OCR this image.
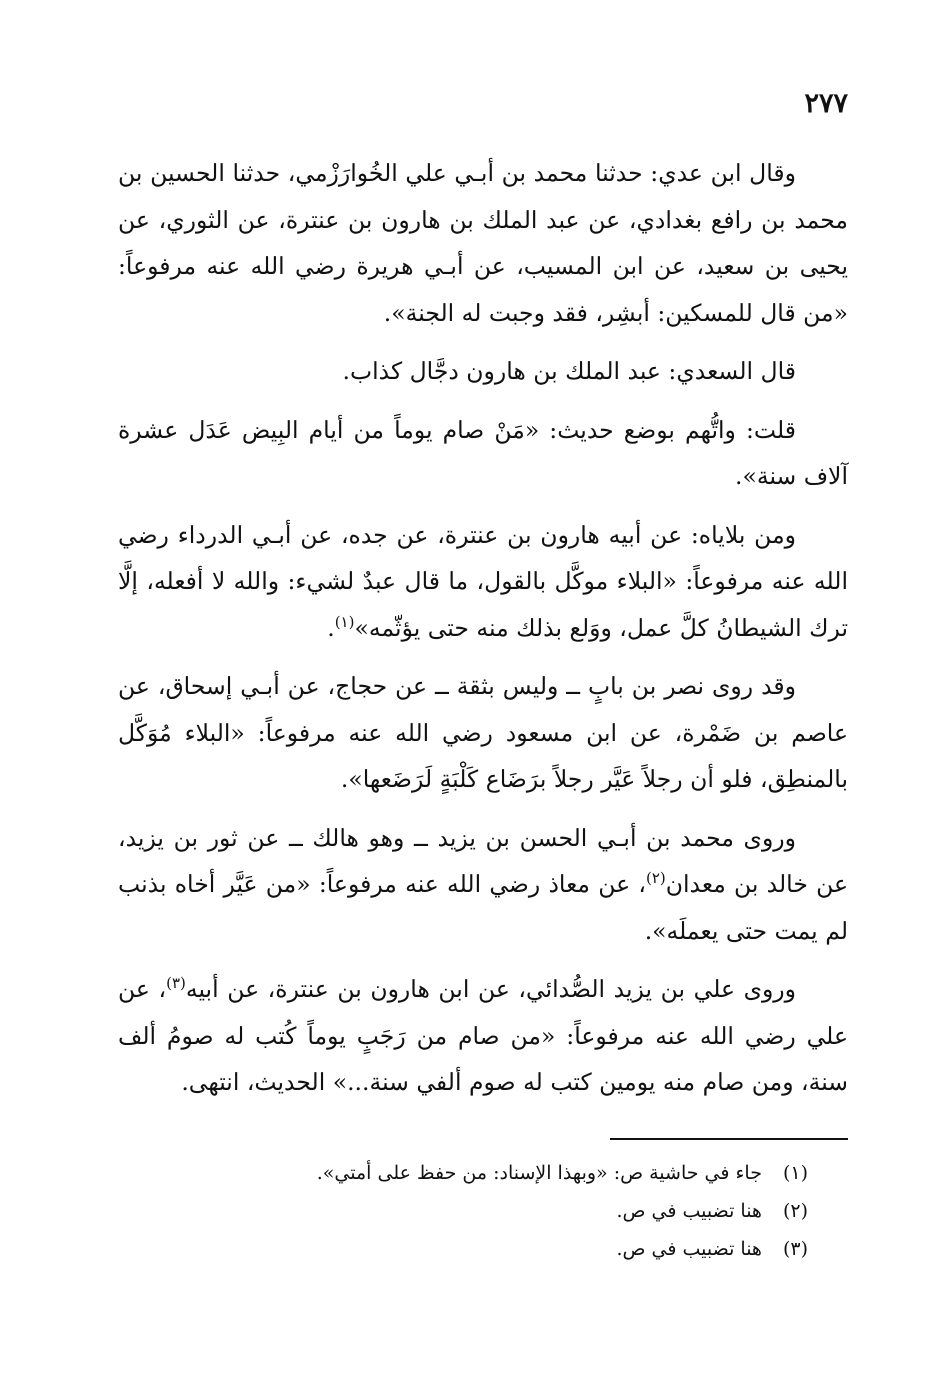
٢٧٧

وقال ابن عدي: حدثنا محمد بن أبـي علي الخُوارَزْمي، حدثنا الحسين بن محمد بن رافع بغدادي، عن عبد الملك بن هارون بن عنترة، عن الثوري، عن يحيى بن سعيد، عن ابن المسيب، عن أبـي هريرة رضي الله عنه مرفوعاً: «من قال للمسكين: أبشِر، فقد وجبت له الجنة».

قال السعدي: عبد الملك بن هارون دجَّال كذاب.

قلت: واتُّهم بوضع حديث: «مَنْ صام يوماً من أيام البِيض عَدَل عشرة آلاف سنة».

ومن بلاياه: عن أبيه هارون بن عنترة، عن جده، عن أبـي الدرداء رضي الله عنه مرفوعاً: «البلاء موكَّل بالقول، ما قال عبدٌ لشيء: والله لا أفعله، إلَّا ترك الشيطانُ كلَّ عمل، ووَلع بذلك منه حتى يؤثّمه»$^{(١)}$.

وقد روى نصر بن بابٍ ــ وليس بثقة ــ عن حجاج، عن أبـي إسحاق، عن عاصم بن ضَمْرة، عن ابن مسعود رضي الله عنه مرفوعاً: «البلاء مُوَكَّل بالمنطِق، فلو أن رجلاً عَيَّر رجلاً برَضَاع كَلْبَةٍ لَرَضَعها».

وروى محمد بن أبـي الحسن بن يزيد ــ وهو هالك ــ عن ثور بن يزيد، عن خالد بن معدان$^{(٢)}$، عن معاذ رضي الله عنه مرفوعاً: «من عَيَّر أخاه بذنب لم يمت حتى يعملَه».

وروى علي بن يزيد الصُّدائي، عن ابن هارون بن عنترة، عن أبيه$^{(٣)}$، عن علي رضي الله عنه مرفوعاً: «من صام من رَجَبٍ يوماً كُتب له صومُ ألف سنة، ومن صام منه يومين كتب له صوم ألفي سنة...» الحديث، انتهى.

(١) جاء في حاشية ص: «وبهذا الإسناد: من حفظ على أمتي».

(٢) هنا تضبيب في ص.

(٣) هنا تضبيب في ص.
